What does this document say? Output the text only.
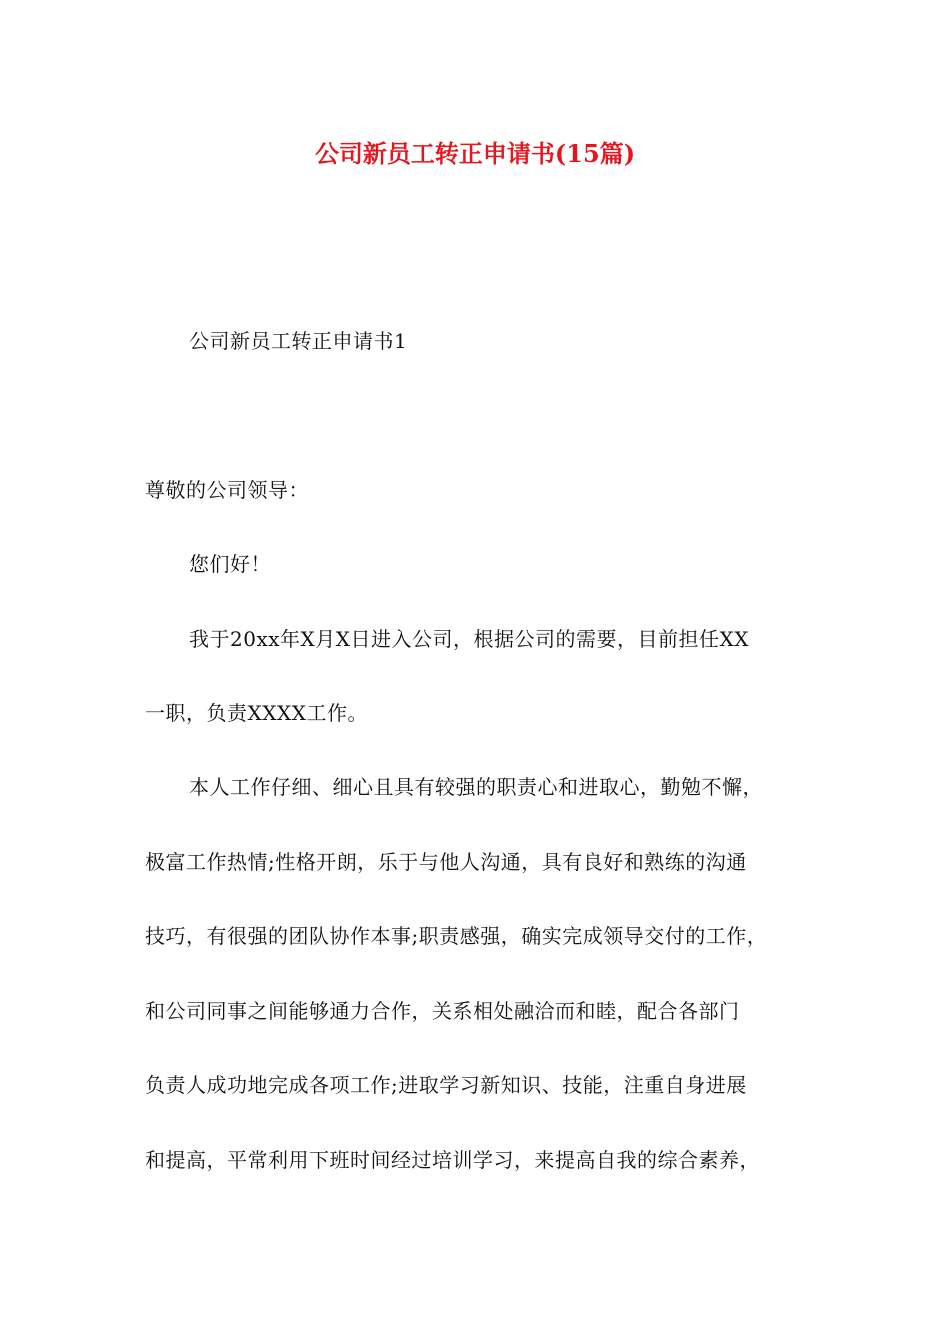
公司新员工转正申请书(15篇)
公司新员工转正申请书1
尊敬的公司领导：
您们好！
我于20xx年X月X日进入公司，根据公司的需要，目前担任XX
一职，负责XXXX工作。
本人工作仔细、细心且具有较强的职责心和进取心，勤勉不懈，
极富工作热情;性格开朗，乐于与他人沟通，具有良好和熟练的沟通
技巧，有很强的团队协作本事;职责感强，确实完成领导交付的工作，
和公司同事之间能够通力合作，关系相处融洽而和睦，配合各部门
负责人成功地完成各项工作;进取学习新知识、技能，注重自身进展
和提高，平常利用下班时间经过培训学习，来提高自我的综合素养，
